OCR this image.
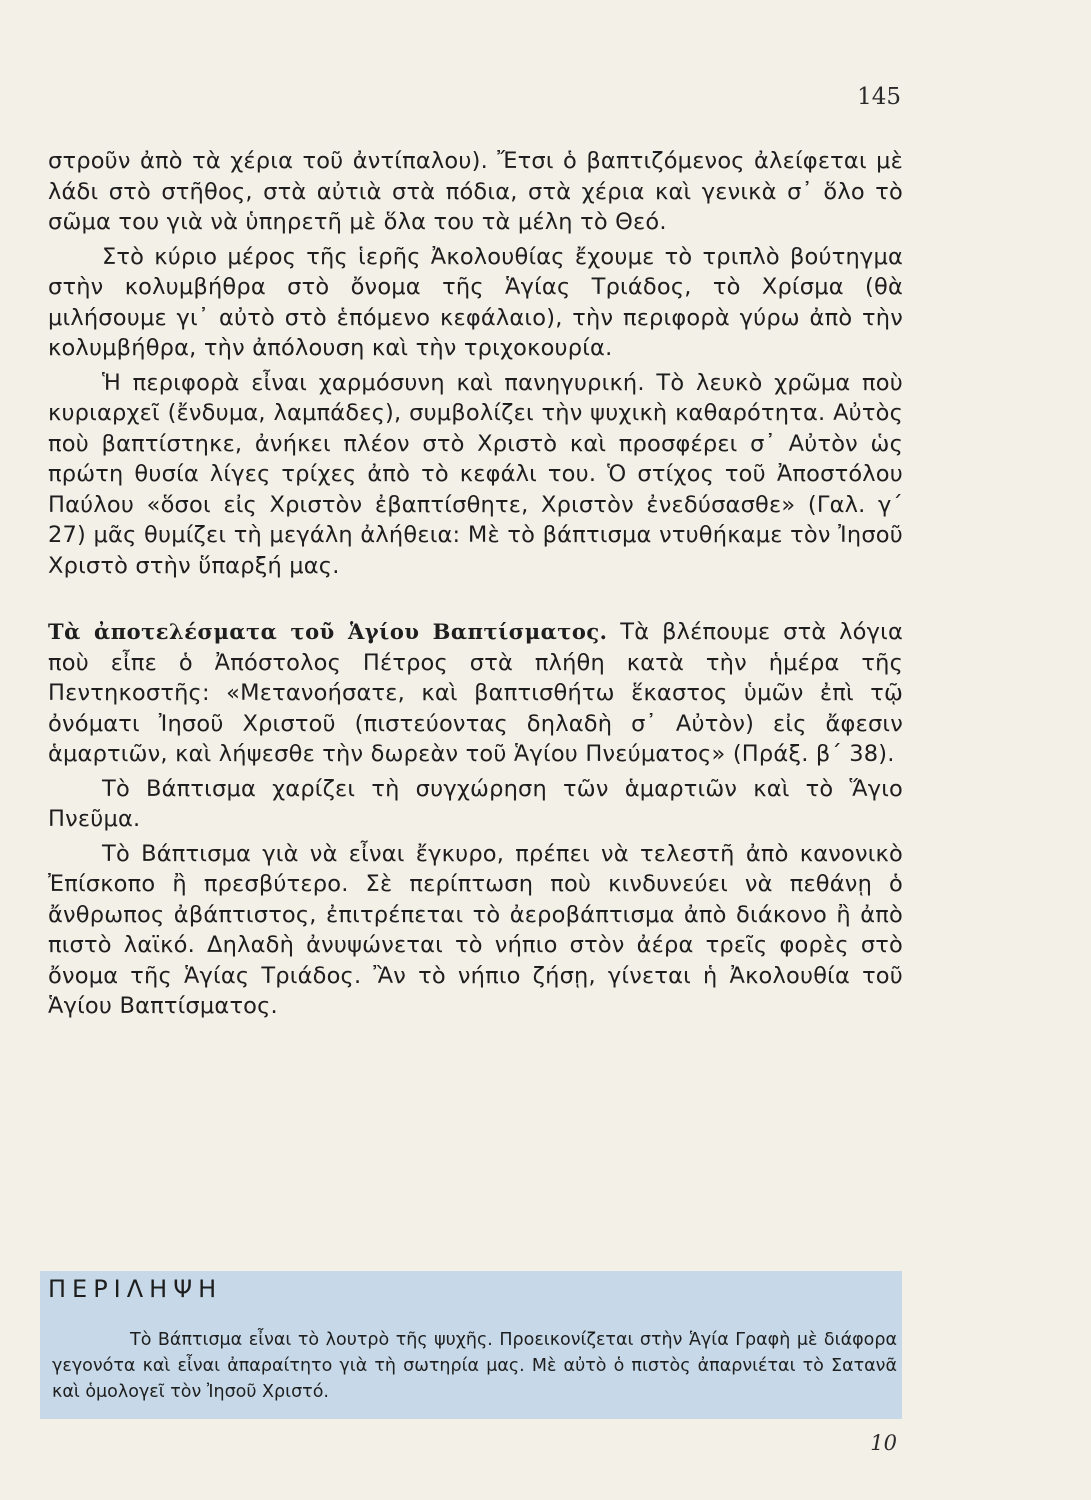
145

στροῦν ἀπὸ τὰ χέρια τοῦ ἀντίπαλου). Ἔτσι ὁ βαπτιζόμενος ἀλείφεται μὲ λάδι στὸ στῆθος, στὰ αὐτιὰ στὰ πόδια, στὰ χέρια καὶ γενικὰ σ᾽ ὅλο τὸ σῶμα του γιὰ νὰ ὑπηρετῆ μὲ ὅλα του τὰ μέλη τὸ Θεό.

Στὸ κύριο μέρος τῆς ἱερῆς Ἀκολουθίας ἔχουμε τὸ τριπλὸ βούτηγμα στὴν κολυμβήθρα στὸ ὄνομα τῆς Ἁγίας Τριάδος, τὸ Χρίσμα (θὰ μιλήσουμε γι᾽ αὐτὸ στὸ ἑπόμενο κεφάλαιο), τὴν περιφορὰ γύρω ἀπὸ τὴν κολυμβήθρα, τὴν ἀπόλουση καὶ τὴν τριχοκουρία.

Ἡ περιφορὰ εἶναι χαρμόσυνη καὶ πανηγυρική. Τὸ λευκὸ χρῶμα ποὺ κυριαρχεῖ (ἔνδυμα, λαμπάδες), συμβολίζει τὴν ψυχικὴ καθαρότητα. Αὐτὸς ποὺ βαπτίστηκε, ἀνήκει πλέον στὸ Χριστὸ καὶ προσφέρει σ᾽ Αὐτὸν ὡς πρώτη θυσία λίγες τρίχες ἀπὸ τὸ κεφάλι του. Ὁ στίχος τοῦ Ἀποστόλου Παύλου «ὅσοι εἰς Χριστὸν ἐβαπτίσθητε, Χριστὸν ἐνεδύσασθε» (Γαλ. γ΄ 27) μᾶς θυμίζει τὴ μεγάλη ἀλήθεια: Μὲ τὸ βάπτισμα ντυθήκαμε τὸν Ἰησοῦ Χριστὸ στὴν ὕπαρξή μας.

Τὰ ἀποτελέσματα τοῦ Ἁγίου Βαπτίσματος. Τὰ βλέπουμε στὰ λόγια ποὺ εἶπε ὁ Ἀπόστολος Πέτρος στὰ πλήθη κατὰ τὴν ἡμέρα τῆς Πεντηκοστῆς: «Μετανοήσατε, καὶ βαπτισθήτω ἕκαστος ὑμῶν ἐπὶ τῷ ὀνόματι Ἰησοῦ Χριστοῦ (πιστεύοντας δηλαδὴ σ᾽ Αὐτὸν) εἰς ἄφεσιν ἁμαρτιῶν, καὶ λήψεσθε τὴν δωρεὰν τοῦ Ἁγίου Πνεύματος» (Πράξ. β΄ 38).

Τὸ Βάπτισμα χαρίζει τὴ συγχώρηση τῶν ἁμαρτιῶν καὶ τὸ Ἅγιο Πνεῦμα.

Τὸ Βάπτισμα γιὰ νὰ εἶναι ἔγκυρο, πρέπει νὰ τελεστῆ ἀπὸ κανονικὸ Ἐπίσκοπο ἢ πρεσβύτερο. Σὲ περίπτωση ποὺ κινδυνεύει νὰ πεθάνῃ ὁ ἄνθρωπος ἀβάπτιστος, ἐπιτρέπεται τὸ ἀεροβάπτισμα ἀπὸ διάκονο ἢ ἀπὸ πιστὸ λαϊκό. Δηλαδὴ ἀνυψώνεται τὸ νήπιο στὸν ἀέρα τρεῖς φορὲς στὸ ὄνομα τῆς Ἁγίας Τριάδος. Ἂν τὸ νήπιο ζήσῃ, γίνεται ἡ Ἀκολουθία τοῦ Ἁγίου Βαπτίσματος.

ΠΕΡΙΛΗΨΗ

Τὸ Βάπτισμα εἶναι τὸ λουτρὸ τῆς ψυχῆς. Προεικονίζεται στὴν Ἁγία Γραφὴ μὲ διάφορα γεγονότα καὶ εἶναι ἀπαραίτητο γιὰ τὴ σωτηρία μας. Μὲ αὐτὸ ὁ πιστὸς ἀπαρνιέται τὸ Σατανᾶ καὶ ὁμολογεῖ τὸν Ἰησοῦ Χριστό.

10
